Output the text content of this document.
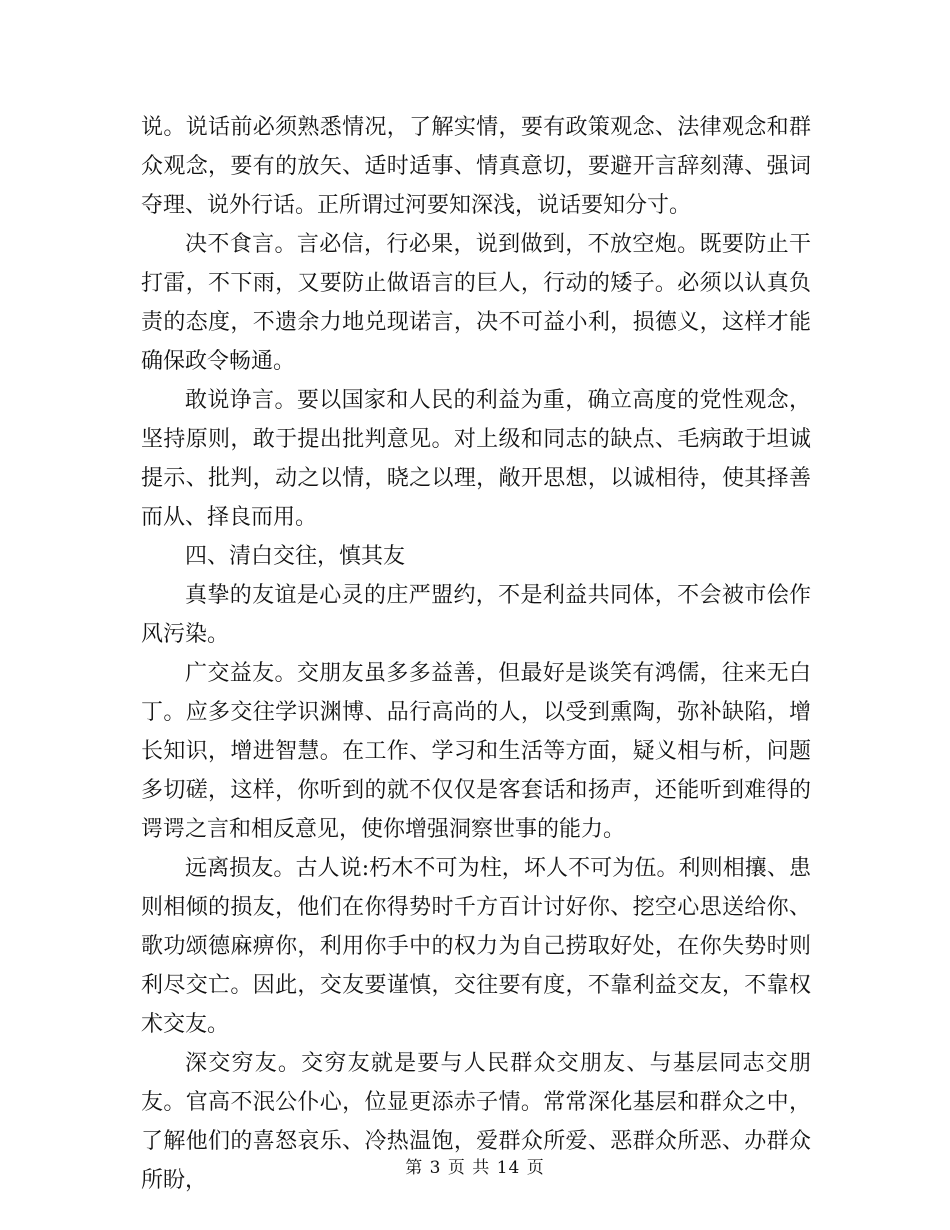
说。说话前必须熟悉情况，了解实情，要有政策观念、法律观念和群众观念，要有的放矢、适时适事、情真意切，要避开言辞刻薄、强词夺理、说外行话。正所谓过河要知深浅，说话要知分寸。

决不食言。言必信，行必果，说到做到，不放空炮。既要防止干打雷，不下雨，又要防止做语言的巨人，行动的矮子。必须以认真负责的态度，不遗余力地兑现诺言，决不可益小利，损德义，这样才能确保政令畅通。

敢说诤言。要以国家和人民的利益为重，确立高度的党性观念，坚持原则，敢于提出批判意见。对上级和同志的缺点、毛病敢于坦诚提示、批判，动之以情，晓之以理，敞开思想，以诚相待，使其择善而从、择良而用。

四、清白交往，慎其友

真挚的友谊是心灵的庄严盟约，不是利益共同体，不会被市侩作风污染。

广交益友。交朋友虽多多益善，但最好是谈笑有鸿儒，往来无白丁。应多交往学识渊博、品行高尚的人，以受到熏陶，弥补缺陷，增长知识，增进智慧。在工作、学习和生活等方面，疑义相与析，问题多切磋，这样，你听到的就不仅仅是客套话和扬声，还能听到难得的谔谔之言和相反意见，使你增强洞察世事的能力。

远离损友。古人说:朽木不可为柱，坏人不可为伍。利则相攘、患则相倾的损友，他们在你得势时千方百计讨好你、挖空心思送给你、歌功颂德麻痹你，利用你手中的权力为自己捞取好处，在你失势时则利尽交亡。因此，交友要谨慎，交往要有度，不靠利益交友，不靠权术交友。

深交穷友。交穷友就是要与人民群众交朋友、与基层同志交朋友。官高不泯公仆心，位显更添赤子情。常常深化基层和群众之中，了解他们的喜怒哀乐、冷热温饱，爱群众所爱、恶群众所恶、办群众所盼，	第 3 页 共 14 页
